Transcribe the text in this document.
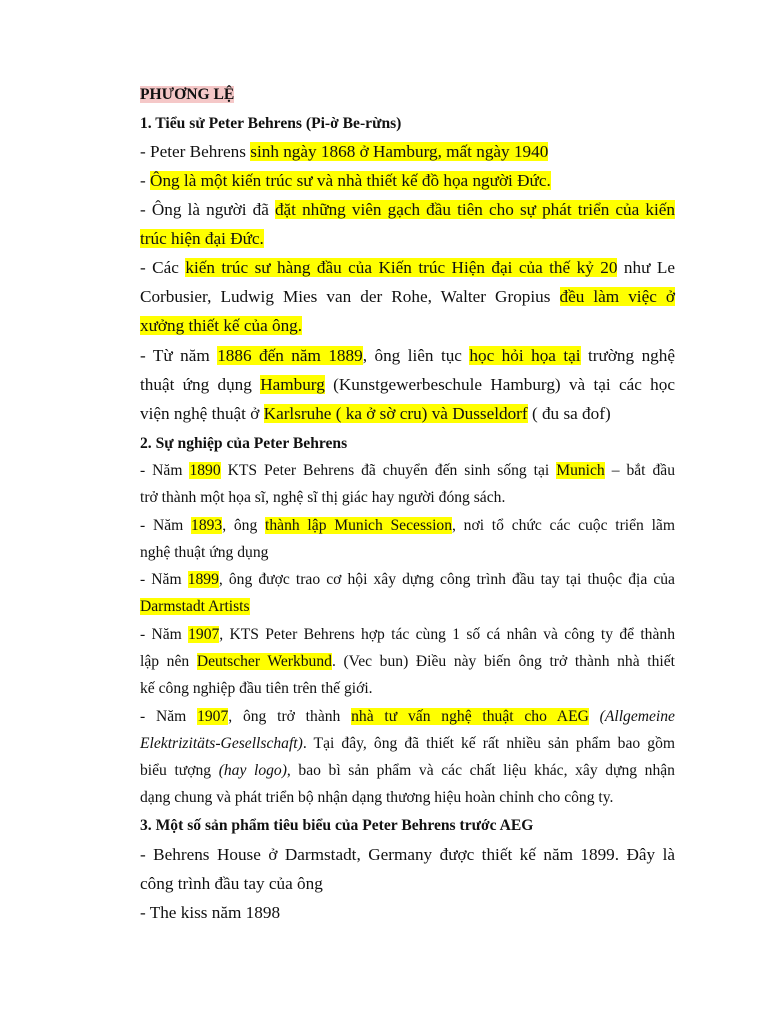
PHƯƠNG LỆ
1. Tiểu sử Peter Behrens (Pi-ờ Be-rừns)
- Peter Behrens sinh ngày 1868 ở Hamburg, mất ngày 1940
- Ông là một kiến trúc sư và nhà thiết kế đồ họa người Đức.
- Ông là người đã đặt những viên gạch đầu tiên cho sự phát triển của kiến
trúc hiện đại Đức.
- Các kiến trúc sư hàng đầu của Kiến trúc Hiện đại của thế kỷ 20 như Le
Corbusier, Ludwig Mies van der Rohe, Walter Gropius đều làm việc ở
xưởng thiết kế của ông.
- Từ năm 1886 đến năm 1889, ông liên tục học hỏi họa tại trường nghệ
thuật ứng dụng Hamburg (Kunstgewerbeschule Hamburg) và tại các học
viện nghệ thuật ở Karlsruhe ( ka ở sờ cru) và Dusseldorf ( đu sa đof)
2. Sự nghiệp của Peter Behrens
- Năm 1890 KTS Peter Behrens đã chuyển đến sinh sống tại Munich – bắt đầu
trở thành một họa sĩ, nghệ sĩ thị giác hay người đóng sách.
- Năm 1893, ông thành lập Munich Secession, nơi tổ chức các cuộc triển lãm
nghệ thuật ứng dụng
- Năm 1899, ông được trao cơ hội xây dựng công trình đầu tay tại thuộc địa của
Darmstadt Artists
- Năm 1907, KTS Peter Behrens hợp tác cùng 1 số cá nhân và công ty để thành
lập nên Deutscher Werkbund. (Vec bun) Điều này biến ông trở thành nhà thiết
kế công nghiệp đầu tiên trên thế giới.
- Năm 1907, ông trở thành nhà tư vấn nghệ thuật cho AEG (Allgemeine
Elektrizitäts-Gesellschaft). Tại đây, ông đã thiết kế rất nhiều sản phẩm bao gồm
biểu tượng (hay logo), bao bì sản phẩm và các chất liệu khác, xây dựng nhận
dạng chung và phát triển bộ nhận dạng thương hiệu hoàn chỉnh cho công ty.
3. Một số sản phẩm tiêu biểu của Peter Behrens trước AEG
- Behrens House ở Darmstadt, Germany được thiết kế năm 1899. Đây là
công trình đầu tay của ông
- The kiss năm 1898
